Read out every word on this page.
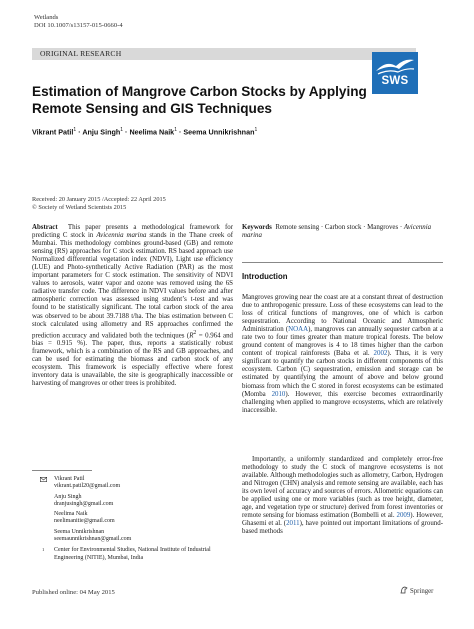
Wetlands
DOI 10.1007/s13157-015-0660-4
ORIGINAL RESEARCH
SWS
Estimation of Mangrove Carbon Stocks by Applying Remote Sensing and GIS Techniques
Vikrant Patil$^1$ · Anju Singh$^1$ · Neelima Naik$^1$ · Seema Unnikrishnan$^1$
Received: 20 January 2015 /Accepted: 22 April 2015
© Society of Wetland Scientists 2015
Abstract This paper presents a methodological framework for predicting C stock in Avicennia marina stands in the Thane creek of Mumbai. This methodology combines ground-based (GB) and remote sensing (RS) approaches for C stock estimation. RS based approach use Normalized differential vegetation index (NDVI), Light use efficiency (LUE) and Photo-synthetically Active Radiation (PAR) as the most important parameters for C stock estimation. The sensitivity of NDVI values to aerosols, water vapor and ozone was removed using the 6S radiative transfer code. The difference in NDVI values before and after atmospheric correction was assessed using student’s t-test and was found to be statistically significant. The total carbon stock of the area was observed to be about 39.7188 t/ha. The bias estimation between C stock calculated using allometry and RS approaches confirmed the prediction accuracy and validated both the techniques ($R^2 = 0.964$ and bias = 0.915 %). The paper, thus, reports a statistically robust framework, which is a combination of the RS and GB approaches, and can be used for estimating the biomass and carbon stock of any ecosystem. This framework is especially effective where forest inventory data is unavailable, the site is geographically inaccessible or harvesting of mangroves or other trees is prohibited.
Keywords Remote sensing · Carbon stock · Mangroves · Avicennia marina
Introduction

Mangroves growing near the coast are at a constant threat of destruction due to anthropogenic pressure. Loss of these ecosystems can lead to the loss of critical functions of mangroves, one of which is carbon sequestration. According to National Oceanic and Atmospheric Administration (NOAA), mangroves can annually sequester carbon at a rate two to four times greater than mature tropical forests. The below ground content of mangroves is 4 to 18 times higher than the carbon content of tropical rainforests (Baba et al. 2002). Thus, it is very significant to quantify the carbon stocks in different components of this ecosystem. Carbon (C) sequestration, emission and storage can be estimated by quantifying the amount of above and below ground biomass from which the C stored in forest ecosystems can be estimated (Momba 2010). However, this exercise becomes extraordinarily challenging when applied to mangrove ecosystems, which are relatively inaccessible.

Importantly, a uniformly standardized and completely error-free methodology to study the C stock of mangrove ecosystems is not available. Although methodologies such as allometry, Carbon, Hydrogen and Nitrogen (CHN) analysis and remote sensing are available, each has its own level of accuracy and sources of errors. Allometric equations can be applied using one or more variables (such as tree height, diameter, age, and vegetation type or structure) derived from forest inventories or remote sensing for biomass estimation (Bombelli et al. 2009). However, Ghasemi et al. (2011), have pointed out important limitations of ground-based methods

Vikrant Patil
vikrant.patil20@gmail.com
Anju Singh
dranjusingh@gmail.com
Neelima Naik
neelimanitie@gmail.com
Seema Unnikrishnan
seemaunnikrishnan@gmail.com
1 Center for Environmental Studies, National Institute of Industrial Engineering (NITIE), Mumbai, India
Published online: 04 May 2015	Springer
